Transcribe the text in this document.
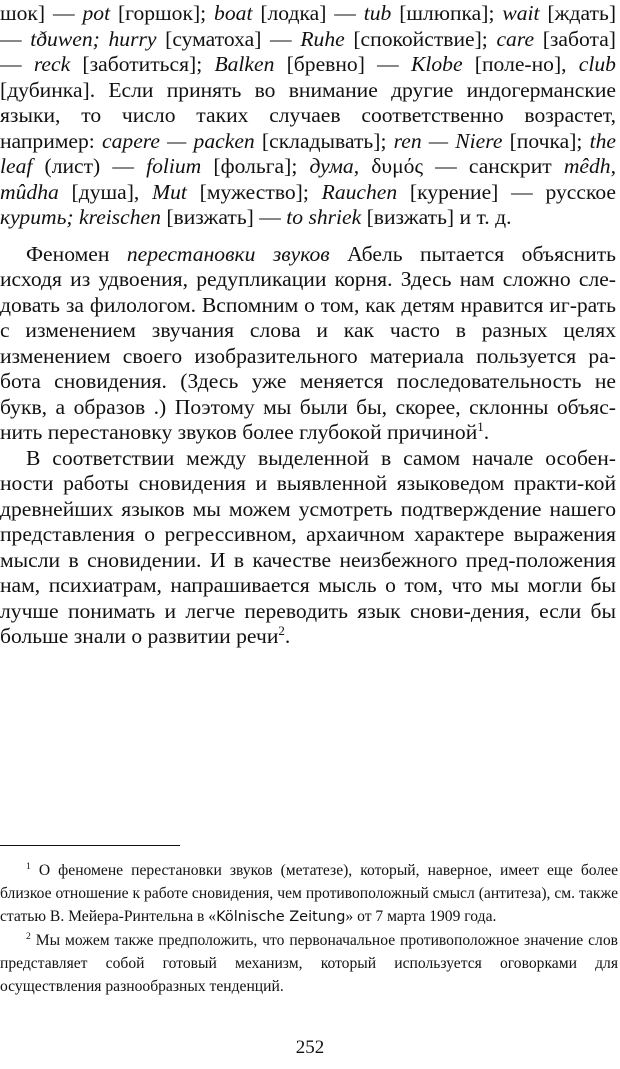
шок] — pot [горшок]; boat [лодка] — tub [шлюпка]; wait [ждать] — tðuwen; hurry [суматоха] — Ruhe [спокойствие]; care [забота] — reck [заботиться]; Balken [бревно] — Klobe [поле-но], club [дубинка]. Если принять во внимание другие индогерманские языки, то число таких случаев соответственно возрастет, например: capere — packen [складывать]; ren — Niere [почка]; the leaf (лист) — folium [фольга]; дума, δυμός — санскрит mêdh, mûdha [душа], Mut [мужество]; Rauchen [курение] — русское курить; kreischen [визжать] — to shriek [визжать] и т. д.

Феномен перестановки звуков Абель пытается объяснить исходя из удвоения, редупликации корня. Здесь нам сложно сле-довать за филологом. Вспомним о том, как детям нравится иг-рать с изменением звучания слова и как часто в разных целях изменением своего изобразительного материала пользуется ра-бота сновидения. (Здесь уже меняется последовательность не букв, а образов .) Поэтому мы были бы, скорее, склонны объяс-нить перестановку звуков более глубокой причиной$^1$.

В соответствии между выделенной в самом начале особен-ности работы сновидения и выявленной языковедом практи-кой древнейших языков мы можем усмотреть подтверждение нашего представления о регрессивном, архаичном характере выражения мысли в сновидении. И в качестве неизбежного пред-положения нам, психиатрам, напрашивается мысль о том, что мы могли бы лучше понимать и легче переводить язык снови-дения, если бы больше знали о развитии речи$^2$.

$^1$ О феномене перестановки звуков (метатезе), который, наверное, имеет еще более близкое отношение к работе сновидения, чем противоположный смысл (антитеза), см. также статью В. Мейера-Ринтельна в «Kölnische Zeitung» от 7 марта 1909 года.

$^2$ Мы можем также предположить, что первоначальное противоположное значение слов представляет собой готовый механизм, который используется оговорками для осуществления разнообразных тенденций.

252
